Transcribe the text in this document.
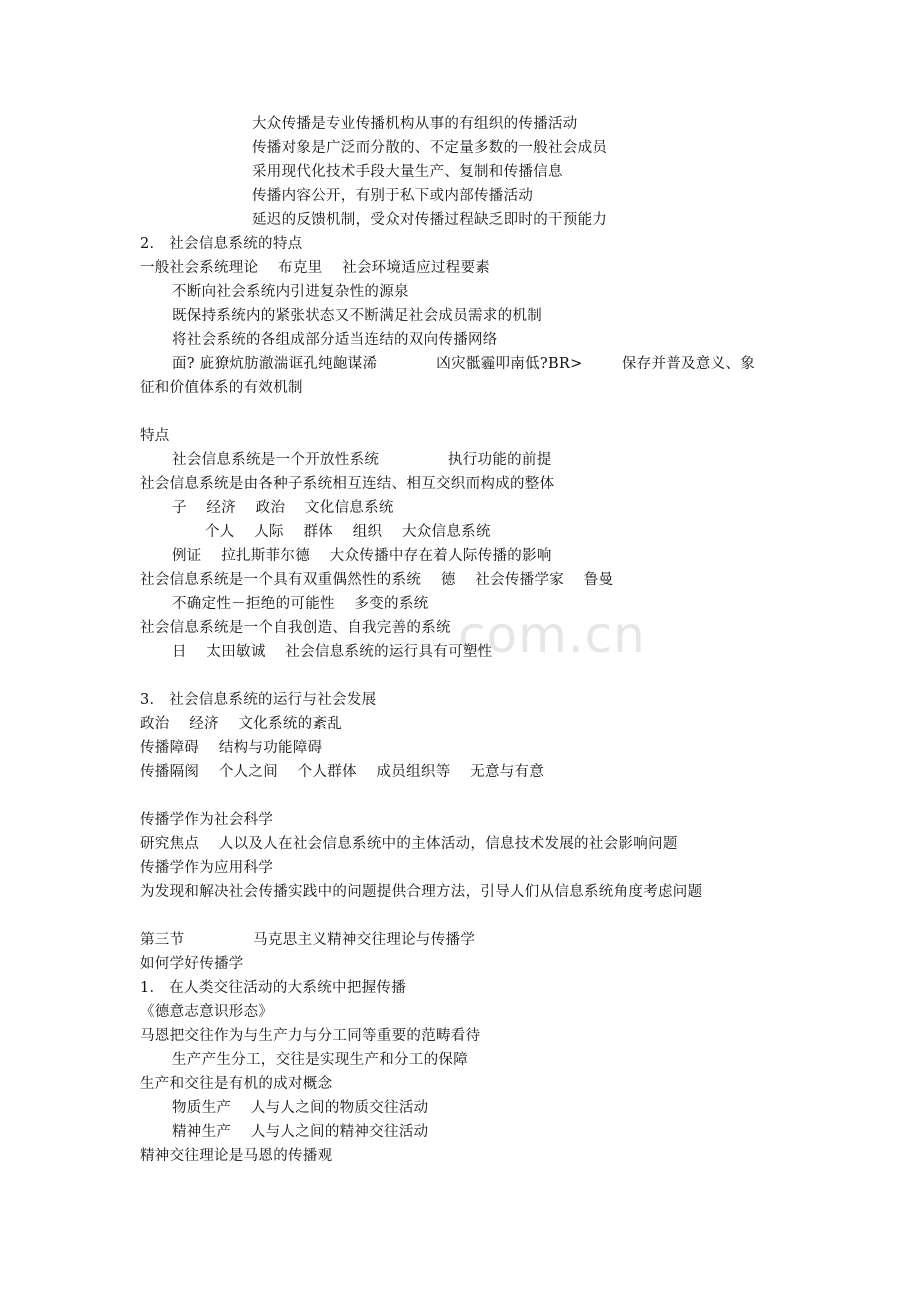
com.cn
大众传播是专业传播机构从事的有组织的传播活动
传播对象是广泛而分散的、不定量多数的一般社会成员
采用现代化技术手段大量生产、复制和传播信息
传播内容公开，有别于私下或内部传播活动
延迟的反馈机制，受众对传播过程缺乏即时的干预能力
2． 社会信息系统的特点
一般社会系统理论    布克里    社会环境适应过程要素
不断向社会系统内引进复杂性的源泉
既保持系统内的紧张状态又不断满足社会成员需求的机制
将社会系统的各组成部分适当连结的双向传播网络
面? 庛獠炕肪澈湍诓孔纯龅谋浠            凶灾骶霾叩南低?BR>        保存并普及意义、象
征和价值体系的有效机制
特点
社会信息系统是一个开放性系统              执行功能的前提
社会信息系统是由各种子系统相互连结、相互交织而构成的整体
子    经济    政治    文化信息系统
个人    人际    群体    组织    大众信息系统
例证    拉扎斯菲尔德    大众传播中存在着人际传播的影响
社会信息系统是一个具有双重偶然性的系统    德    社会传播学家    鲁曼
不确定性－拒绝的可能性    多变的系统
社会信息系统是一个自我创造、自我完善的系统
日    太田敏诚    社会信息系统的运行具有可塑性
3． 社会信息系统的运行与社会发展
政治    经济    文化系统的紊乱
传播障碍    结构与功能障碍
传播隔阂    个人之间    个人群体    成员组织等    无意与有意
传播学作为社会科学
研究焦点    人以及人在社会信息系统中的主体活动，信息技术发展的社会影响问题
传播学作为应用科学
为发现和解决社会传播实践中的问题提供合理方法，引导人们从信息系统角度考虑问题
第三节              马克思主义精神交往理论与传播学
如何学好传播学
1． 在人类交往活动的大系统中把握传播
《德意志意识形态》
马恩把交往作为与生产力与分工同等重要的范畴看待
生产产生分工，交往是实现生产和分工的保障
生产和交往是有机的成对概念
物质生产    人与人之间的物质交往活动
精神生产    人与人之间的精神交往活动
精神交往理论是马恩的传播观
